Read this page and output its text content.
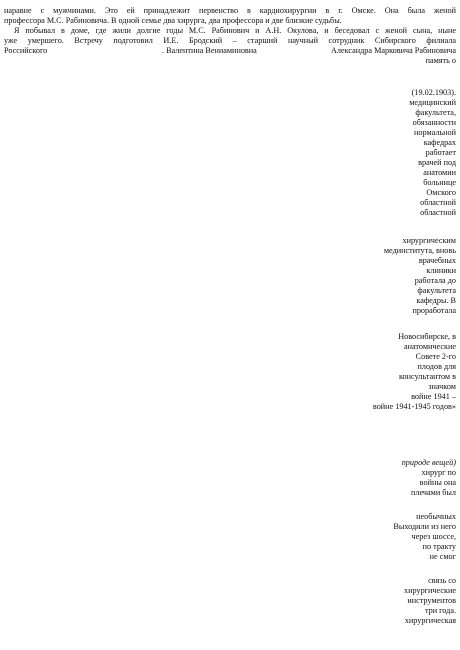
наравне с мужчинами. Это ей принадлежит первенство в кардиохирургии в г. Омске. Она была женой
профессора М.С. Рабиновича. В одной семье два хирурга, два профессора и две близкие судьбы.

Я побывал в доме, где жили долгие годы М.С. Рабинович и А.Н. Окулова, и беседовал с женой сына, ныне
уже умершего. Встречу подготовил И.Е. Бродский – старший научный сотрудник Сибирского филиала

Российского	. Валентина Вениаминовна	Александра Марковича Рабиновича
память о
(19.02.1903).
медицинский
факультета,
обязанности
нормальной
кафедрах
работает
врачей под
анатомии
больнице
Омского
областной
областной
хирургическим
мединститута, вновь
врачебных
клиники
работала до
факультета
кафедры. В
проработала
Новосибирске, в
анатомические
Совете 2-го
плодов для
консультантом в
значком
войне 1941 –
войне 1941-1945 годов»
природе вещей)
хирург по
войны она
плечами был
необычных
Выходили из него
через шоссе,
по тракту
не смог
связь со
хирургические
инструментов
три года.
хирургическая
